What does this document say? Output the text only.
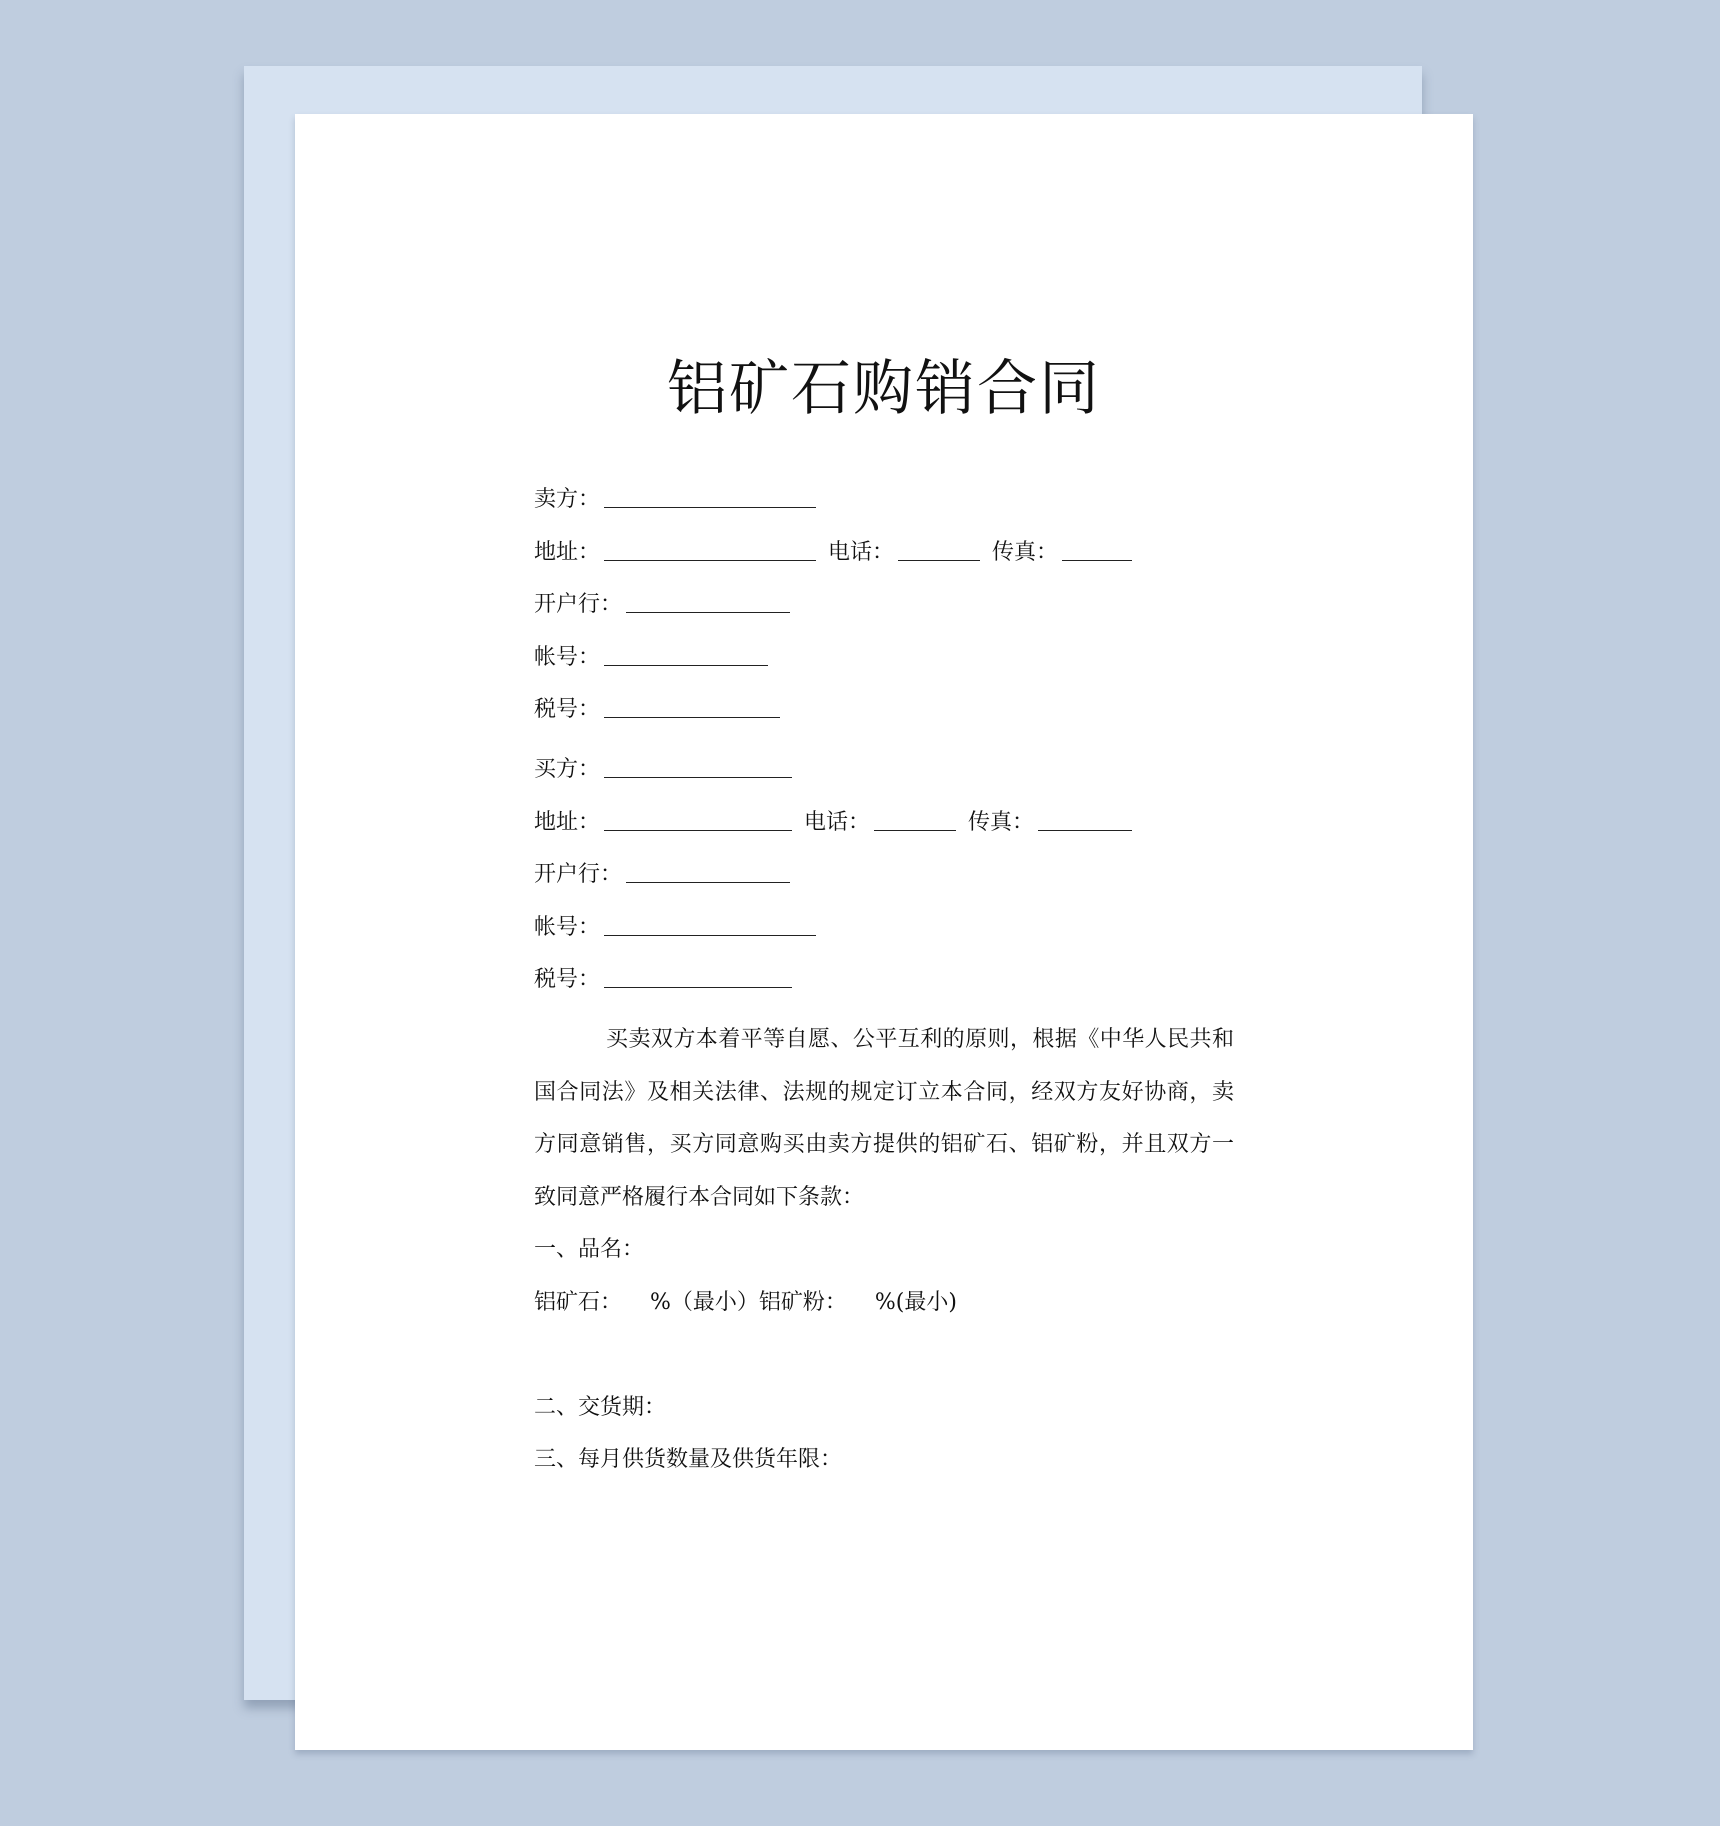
铝矿石购销合同
卖方：
地址：	电话：	传真：
开户行：
帐号：
税号：
买方：
地址：	电话：	传真：
开户行：
帐号：
税号：

买卖双方本着平等自愿、公平互利的原则，根据《中华人民共和国合同法》及相关法律、法规的规定订立本合同，经双方友好协商，卖方同意销售，买方同意购买由卖方提供的铝矿石、铝矿粉，并且双方一致同意严格履行本合同如下条款：

一、品名：

铝矿石：    %（最小）铝矿粉：    %(最小)

二、交货期：

三、每月供货数量及供货年限：
